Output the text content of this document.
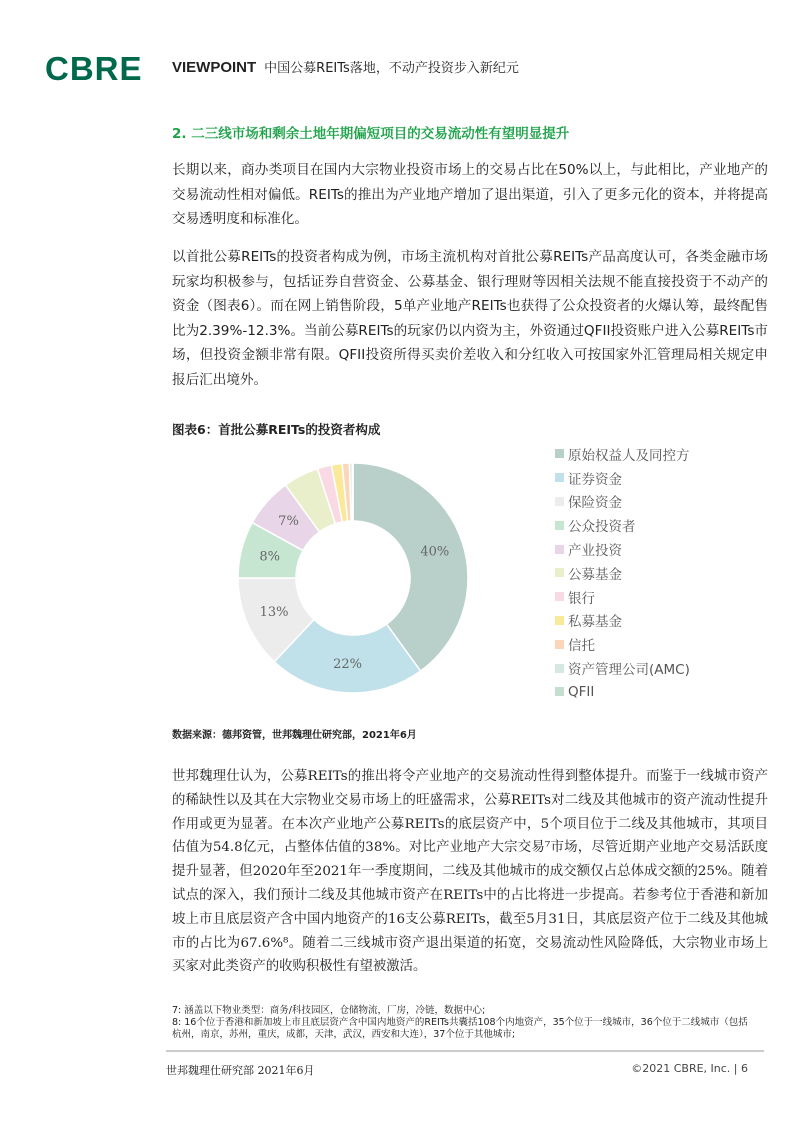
CBRE VIEWPOINT 中国公募REITs落地，不动产投资步入新纪元
2. 二三线市场和剩余土地年期偏短项目的交易流动性有望明显提升
长期以来，商办类项目在国内大宗物业投资市场上的交易占比在50%以上，与此相比，产业地产的交易流动性相对偏低。REITs的推出为产业地产增加了退出渠道，引入了更多元化的资本，并将提高交易透明度和标准化。
以首批公募REITs的投资者构成为例，市场主流机构对首批公募REITs产品高度认可，各类金融市场玩家均积极参与，包括证券自营资金、公募基金、银行理财等因相关法规不能直接投资于不动产的资金（图表6）。而在网上销售阶段，5单产业地产REITs也获得了公众投资者的火爆认筹，最终配售比为2.39%-12.3%。当前公募REITs的玩家仍以内资为主，外资通过QFII投资账户进入公募REITs市场，但投资金额非常有限。QFII投资所得买卖价差收入和分红收入可按国家外汇管理局相关规定申报后汇出境外。
图表6：首批公募REITs的投资者构成
40%
22%
13%
8%
7%
原始权益人及同控方
证券资金
保险资金
公众投资者
产业投资
公募基金
银行
私募基金
信托
资产管理公司(AMC)
QFII
数据来源：德邦资管，世邦魏理仕研究部，2021年6月
世邦魏理仕认为，公募REITs的推出将令产业地产的交易流动性得到整体提升。而鉴于一线城市资产的稀缺性以及其在大宗物业交易市场上的旺盛需求，公募REITs对二线及其他城市的资产流动性提升作用或更为显著。在本次产业地产公募REITs的底层资产中，5个项目位于二线及其他城市，其项目估值为54.8亿元，占整体估值的38%。对比产业地产大宗交易⁷市场，尽管近期产业地产交易活跃度提升显著，但2020年至2021年一季度期间，二线及其他城市的成交额仅占总体成交额的25%。随着试点的深入，我们预计二线及其他城市资产在REITs中的占比将进一步提高。若参考位于香港和新加坡上市且底层资产含中国内地资产的16支公募REITs，截至5月31日，其底层资产位于二线及其他城市的占比为67.6%⁸。随着二三线城市资产退出渠道的拓宽，交易流动性风险降低，大宗物业市场上买家对此类资产的收购积极性有望被激活。
7: 涵盖以下物业类型：商务/科技园区，仓储物流，厂房，冷链，数据中心;
8: 16个位于香港和新加坡上市且底层资产含中国内地资产的REITs共囊括108个内地资产，35个位于一线城市，36个位于二线城市（包括杭州，南京，苏州，重庆，成都，天津，武汉，西安和大连），37个位于其他城市;
世邦魏理仕研究部 2021年6月	©2021 CBRE, Inc. | 6
